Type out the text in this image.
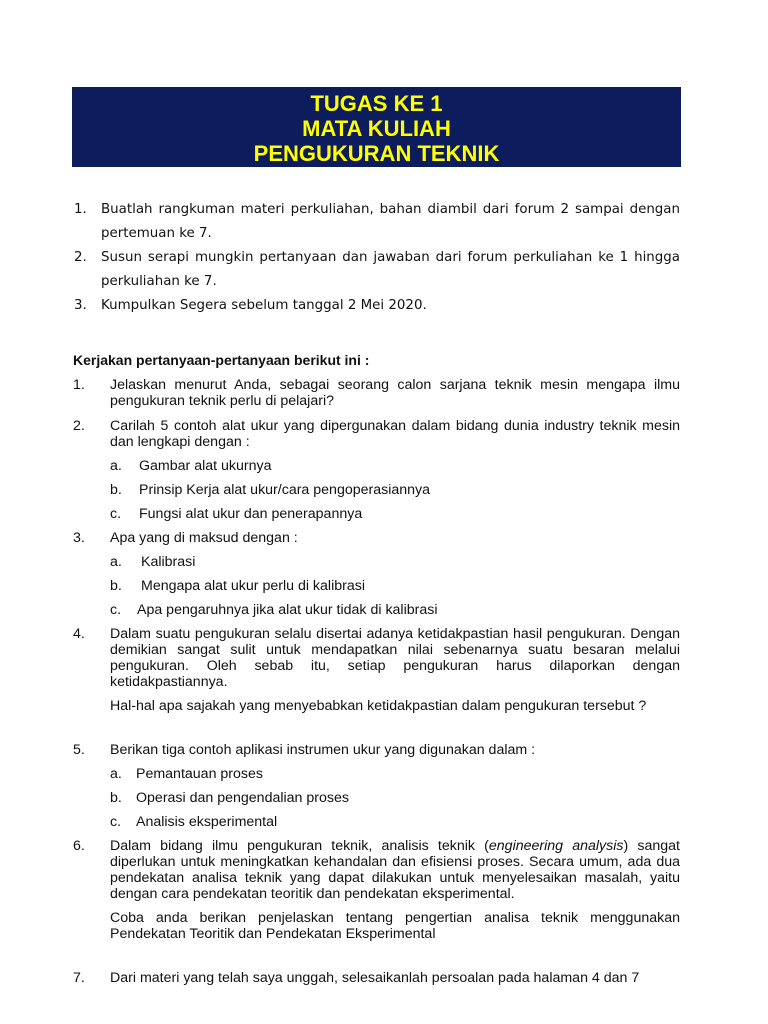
TUGAS KE 1
MATA KULIAH
PENGUKURAN TEKNIK
1. Buatlah rangkuman materi perkuliahan, bahan diambil dari forum 2 sampai dengan pertemuan ke 7.
2. Susun serapi mungkin pertanyaan dan jawaban dari forum perkuliahan ke 1 hingga perkuliahan ke 7.
3. Kumpulkan Segera sebelum tanggal 2 Mei 2020.
Kerjakan pertanyaan-pertanyaan berikut ini :
1. Jelaskan menurut Anda, sebagai seorang calon sarjana teknik mesin mengapa ilmu pengukuran teknik perlu di pelajari?
2. Carilah 5 contoh alat ukur yang dipergunakan dalam bidang dunia industry teknik mesin dan lengkapi dengan :
a. Gambar alat ukurnya
b. Prinsip Kerja alat ukur/cara pengoperasiannya
c. Fungsi alat ukur dan penerapannya
3. Apa yang di maksud dengan :
a. Kalibrasi
b. Mengapa alat ukur perlu di kalibrasi
c. Apa pengaruhnya jika alat ukur tidak di kalibrasi
4. Dalam suatu pengukuran selalu disertai adanya ketidakpastian hasil pengukuran. Dengan demikian sangat sulit untuk mendapatkan nilai sebenarnya suatu besaran melalui pengukuran. Oleh sebab itu, setiap pengukuran harus dilaporkan dengan ketidakpastiannya.
Hal-hal apa sajakah yang menyebabkan ketidakpastian dalam pengukuran tersebut ?
5. Berikan tiga contoh aplikasi instrumen ukur yang digunakan dalam :
a. Pemantauan proses
b. Operasi dan pengendalian proses
c. Analisis eksperimental
6. Dalam bidang ilmu pengukuran teknik, analisis teknik (engineering analysis) sangat diperlukan untuk meningkatkan kehandalan dan efisiensi proses. Secara umum, ada dua pendekatan analisa teknik yang dapat dilakukan untuk menyelesaikan masalah, yaitu dengan cara pendekatan teoritik dan pendekatan eksperimental.
Coba anda berikan penjelaskan tentang pengertian analisa teknik menggunakan Pendekatan Teoritik dan Pendekatan Eksperimental
7. Dari materi yang telah saya unggah, selesaikanlah persoalan pada halaman 4 dan 7
